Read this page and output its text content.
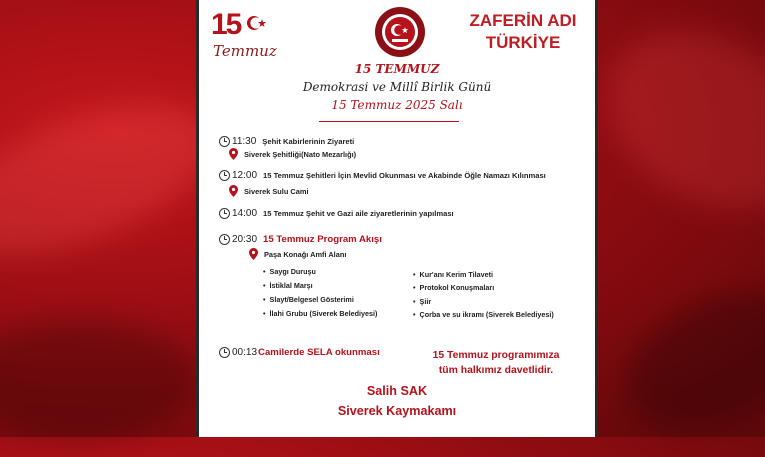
15
Temmuz
ZAFERİN ADI
TÜRKİYE
15 TEMMUZ
Demokrasi ve Millî Birlik Günü
15 Temmuz 2025 Salı
11:30 Şehit Kabirlerinin Ziyareti
Siverek Şehitliği(Nato Mezarlığı)
12:00 15 Temmuz Şehitleri İçin Mevlid Okunması ve Akabinde Öğle Namazı Kılınması
Siverek Sulu Cami
14:00 15 Temmuz Şehit ve Gazi aile ziyaretlerinin yapılması
20:30 15 Temmuz Program Akışı
Paşa Konağı Amfi Alanı
• Saygı Duruşu
• İstiklal Marşı
• Slayt/Belgesel Gösterimi
• İlahi Grubu (Siverek Belediyesi)
• Kur'anı Kerim Tilaveti
• Protokol Konuşmaları
• Şiir
• Çorba ve su ikramı (Siverek Belediyesi)
00:13 Camilerde SELA okunması	15 Temmuz programımıza
tüm halkımız davetlidir.
Salih SAK
Siverek Kaymakamı
